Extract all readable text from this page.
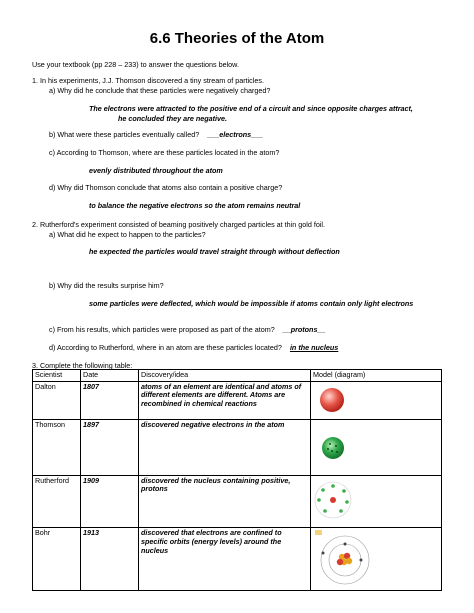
6.6 Theories of the Atom
Use your textbook (pp 228 – 233) to answer the questions below.
1. In his experiments, J.J. Thomson discovered a tiny stream of particles.
a) Why did he conclude that these particles were negatively charged?
The electrons were attracted to the positive end of a circuit and since opposite charges attract,
he concluded they are negative.
b) What were these particles eventually called? ___electrons___
c) According to Thomson, where are these particles located in the atom?
evenly distributed throughout the atom
d) Why did Thomson conclude that atoms also contain a positive charge?
to balance the negative electrons so the atom remains neutral
2. Rutherford's experiment consisted of beaming positively charged particles at thin gold foil.
a) What did he expect to happen to the particles?
he expected the particles would travel straight through without deflection
b) Why did the results surprise him?
some particles were deflected, which would be impossible if atoms contain only light electrons
c) From his results, which particles were proposed as part of the atom? __protons__
d) According to Rutherford, where in an atom are these particles located? in the nucleus
3. Complete the following table:
Scientist	Date	Discovery/idea	Model (diagram)
Dalton	1807	atoms of an element are identical and atoms of different elements are different. Atoms are recombined in chemical reactions	
Thomson	1897	discovered negative electrons in the atom	
Rutherford	1909	discovered the nucleus containing positive, protons	
Bohr	1913	discovered that electrons are confined to specific orbits (energy levels) around the nucleus	
